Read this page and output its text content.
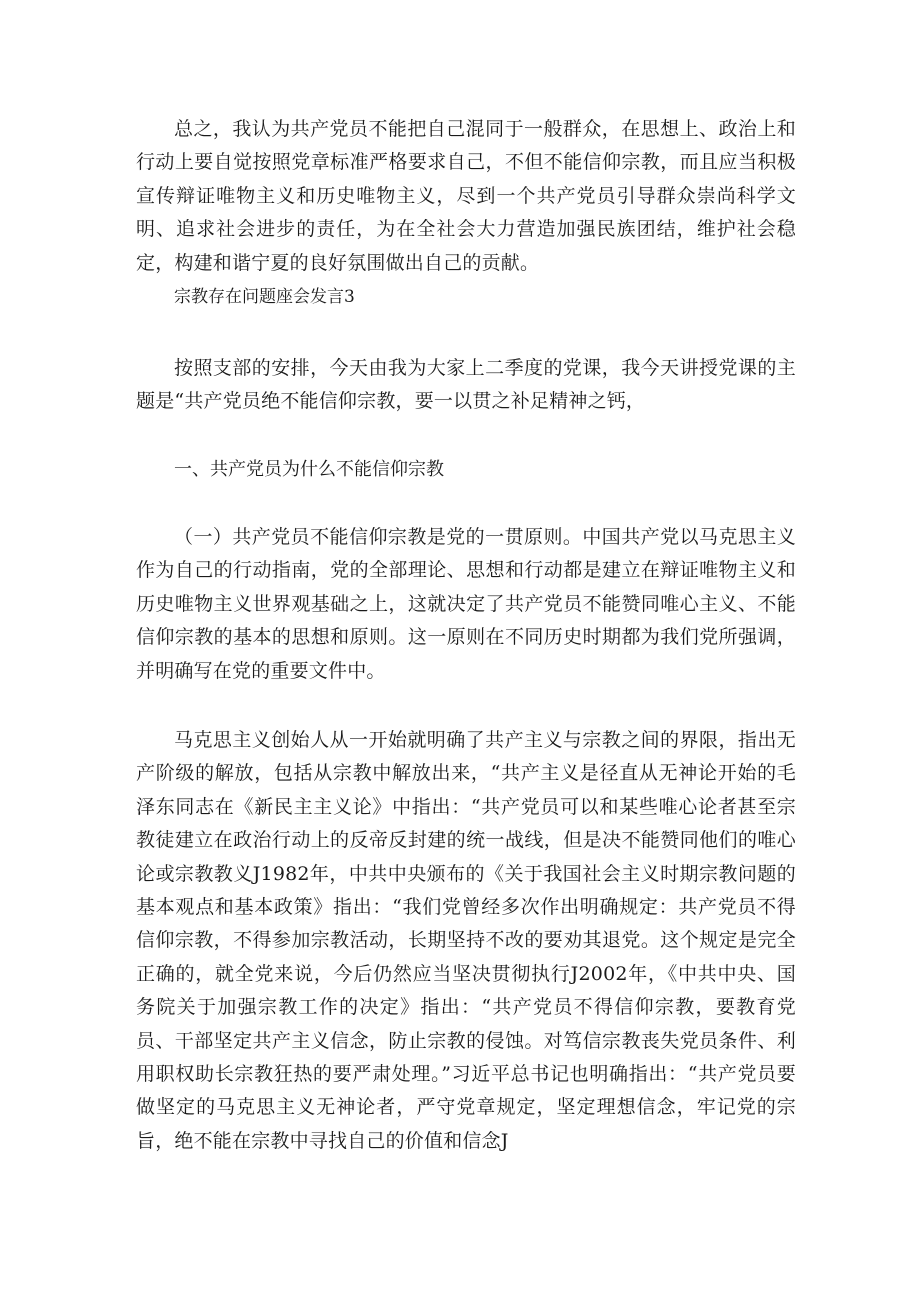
总之，我认为共产党员不能把自己混同于一般群众，在思想上、政治上和行动上要自觉按照党章标准严格要求自己，不但不能信仰宗教，而且应当积极宣传辩证唯物主义和历史唯物主义，尽到一个共产党员引导群众崇尚科学文明、追求社会进步的责任，为在全社会大力营造加强民族团结，维护社会稳定，构建和谐宁夏的良好氛围做出自己的贡献。

宗教存在问题座会发言3

按照支部的安排，今天由我为大家上二季度的党课，我今天讲授党课的主题是“共产党员绝不能信仰宗教，要一以贯之补足精神之钙，

一、共产党员为什么不能信仰宗教

（一）共产党员不能信仰宗教是党的一贯原则。中国共产党以马克思主义作为自己的行动指南，党的全部理论、思想和行动都是建立在辩证唯物主义和历史唯物主义世界观基础之上，这就决定了共产党员不能赞同唯心主义、不能信仰宗教的基本的思想和原则。这一原则在不同历史时期都为我们党所强调，并明确写在党的重要文件中。

马克思主义创始人从一开始就明确了共产主义与宗教之间的界限，指出无产阶级的解放，包括从宗教中解放出来，“共产主义是径直从无神论开始的毛泽东同志在《新民主主义论》中指出：“共产党员可以和某些唯心论者甚至宗教徒建立在政治行动上的反帝反封建的统一战线，但是决不能赞同他们的唯心论或宗教教义J1982年，中共中央颁布的《关于我国社会主义时期宗教问题的基本观点和基本政策》指出：“我们党曾经多次作出明确规定：共产党员不得信仰宗教，不得参加宗教活动，长期坚持不改的要劝其退党。这个规定是完全正确的，就全党来说，今后仍然应当坚决贯彻执行J2002年，《中共中央、国务院关于加强宗教工作的决定》指出：“共产党员不得信仰宗教，要教育党员、干部坚定共产主义信念，防止宗教的侵蚀。对笃信宗教丧失党员条件、利用职权助长宗教狂热的要严肃处理。”习近平总书记也明确指出：“共产党员要做坚定的马克思主义无神论者，严守党章规定，坚定理想信念，牢记党的宗旨，绝不能在宗教中寻找自己的价值和信念J
